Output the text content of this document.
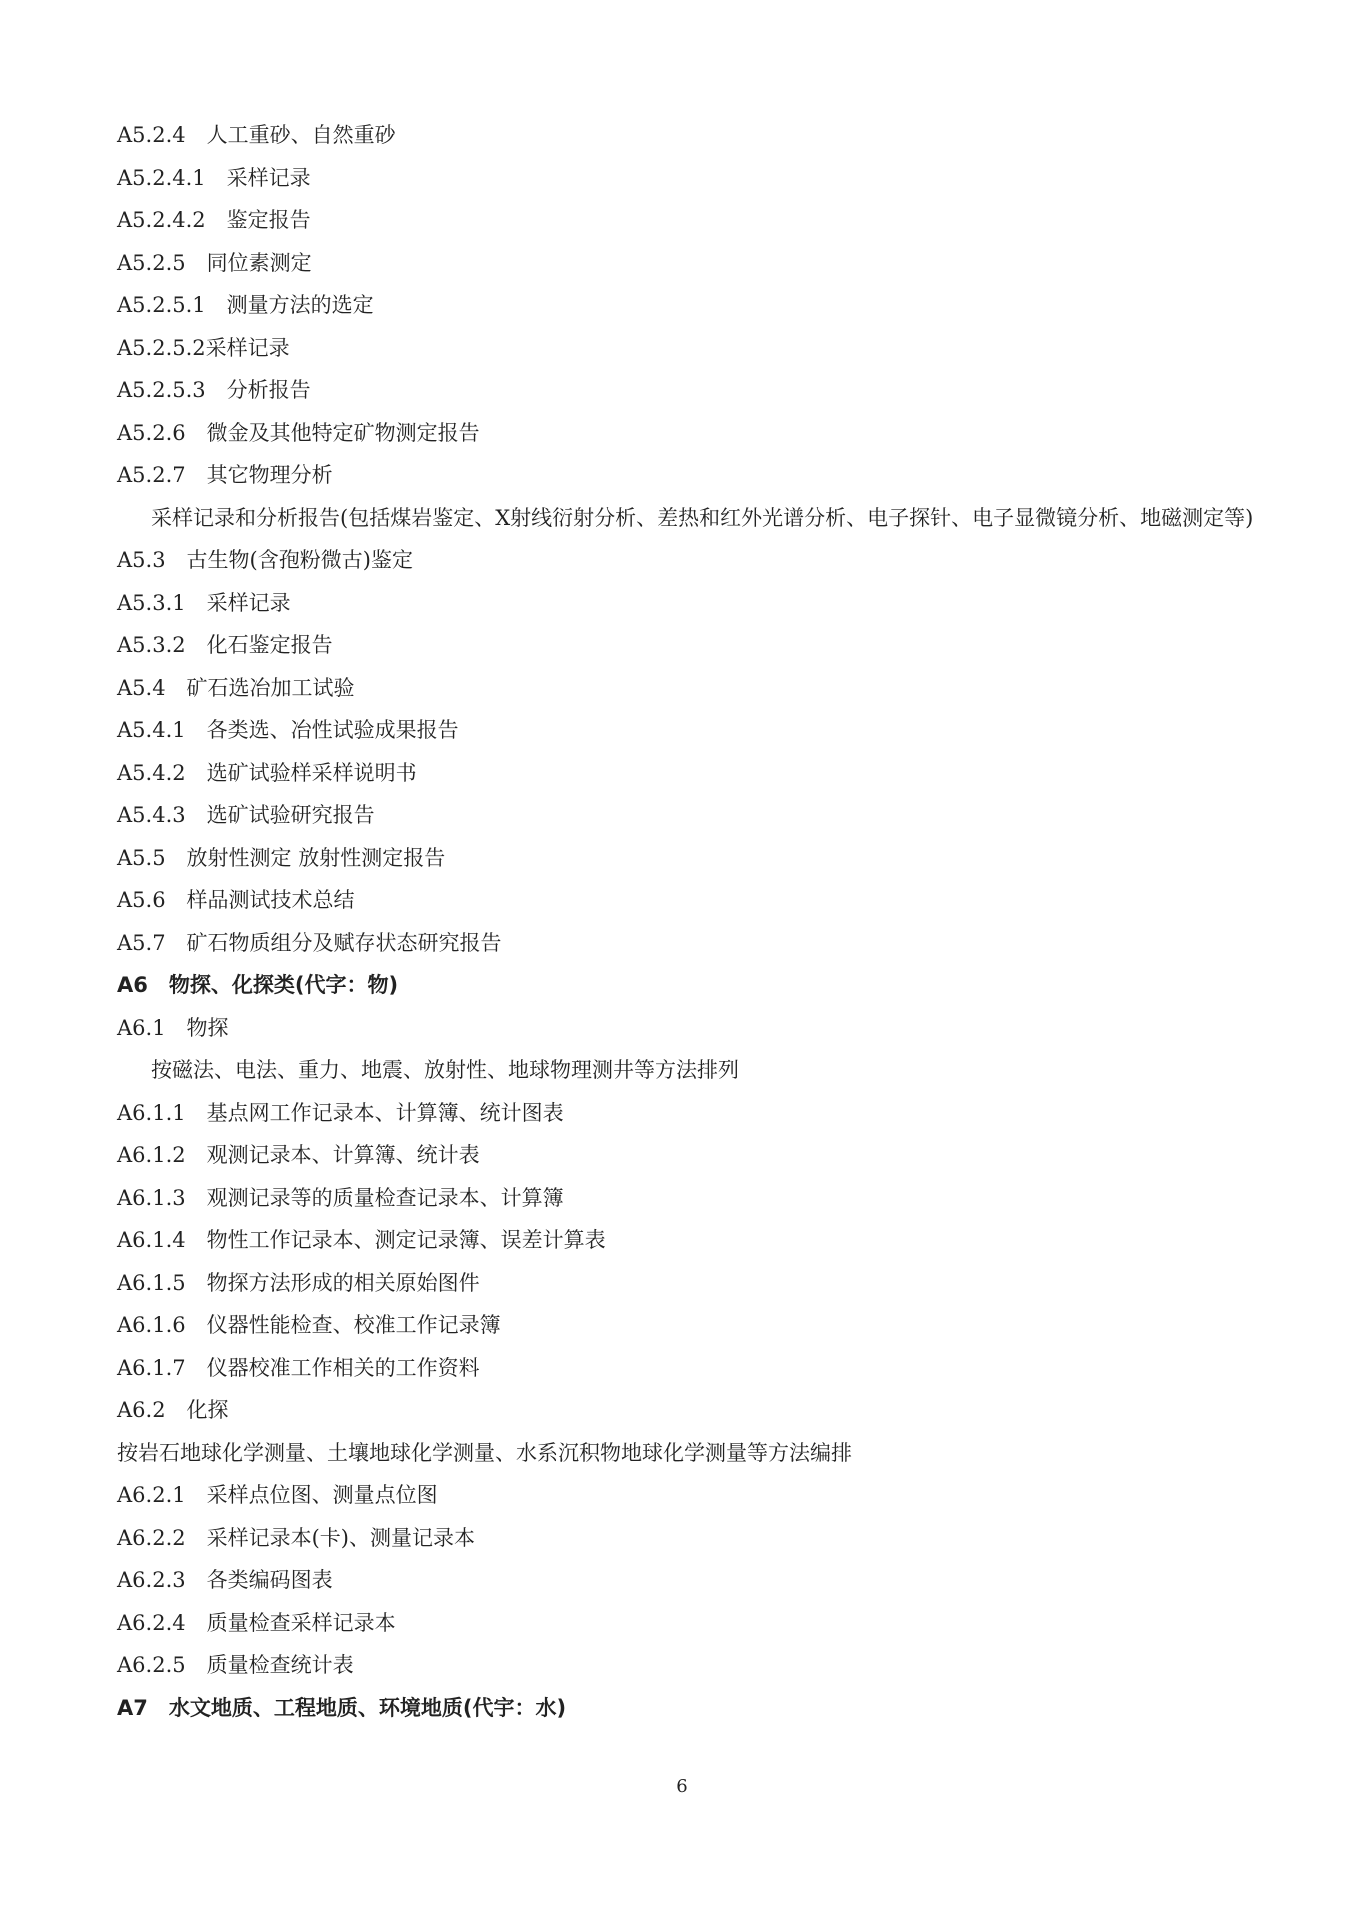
A5.2.4　人工重砂、自然重砂
A5.2.4.1　采样记录
A5.2.4.2　鉴定报告
A5.2.5　同位素测定
A5.2.5.1　测量方法的选定
A5.2.5.2采样记录
A5.2.5.3　分析报告
A5.2.6　微金及其他特定矿物测定报告
A5.2.7　其它物理分析
采样记录和分析报告(包括煤岩鉴定、X射线衍射分析、差热和红外光谱分析、电子探针、电子显微镜分析、地磁测定等)
A5.3　古生物(含孢粉微古)鉴定
A5.3.1　采样记录
A5.3.2　化石鉴定报告
A5.4　矿石选冶加工试验
A5.4.1　各类选、冶性试验成果报告
A5.4.2　选矿试验样采样说明书
A5.4.3　选矿试验研究报告
A5.5　放射性测定 放射性测定报告
A5.6　样品测试技术总结
A5.7　矿石物质组分及赋存状态研究报告
A6　物探、化探类(代字：物)
A6.1　物探
按磁法、电法、重力、地震、放射性、地球物理测井等方法排列
A6.1.1　基点网工作记录本、计算簿、统计图表
A6.1.2　观测记录本、计算簿、统计表
A6.1.3　观测记录等的质量检查记录本、计算簿
A6.1.4　物性工作记录本、测定记录簿、误差计算表
A6.1.5　物探方法形成的相关原始图件
A6.1.6　仪器性能检查、校准工作记录簿
A6.1.7　仪器校准工作相关的工作资料
A6.2　化探
按岩石地球化学测量、土壤地球化学测量、水系沉积物地球化学测量等方法编排
A6.2.1　采样点位图、测量点位图
A6.2.2　采样记录本(卡)、测量记录本
A6.2.3　各类编码图表
A6.2.4　质量检查采样记录本
A6.2.5　质量检查统计表
A7　水文地质、工程地质、环境地质(代宇：水)
6
